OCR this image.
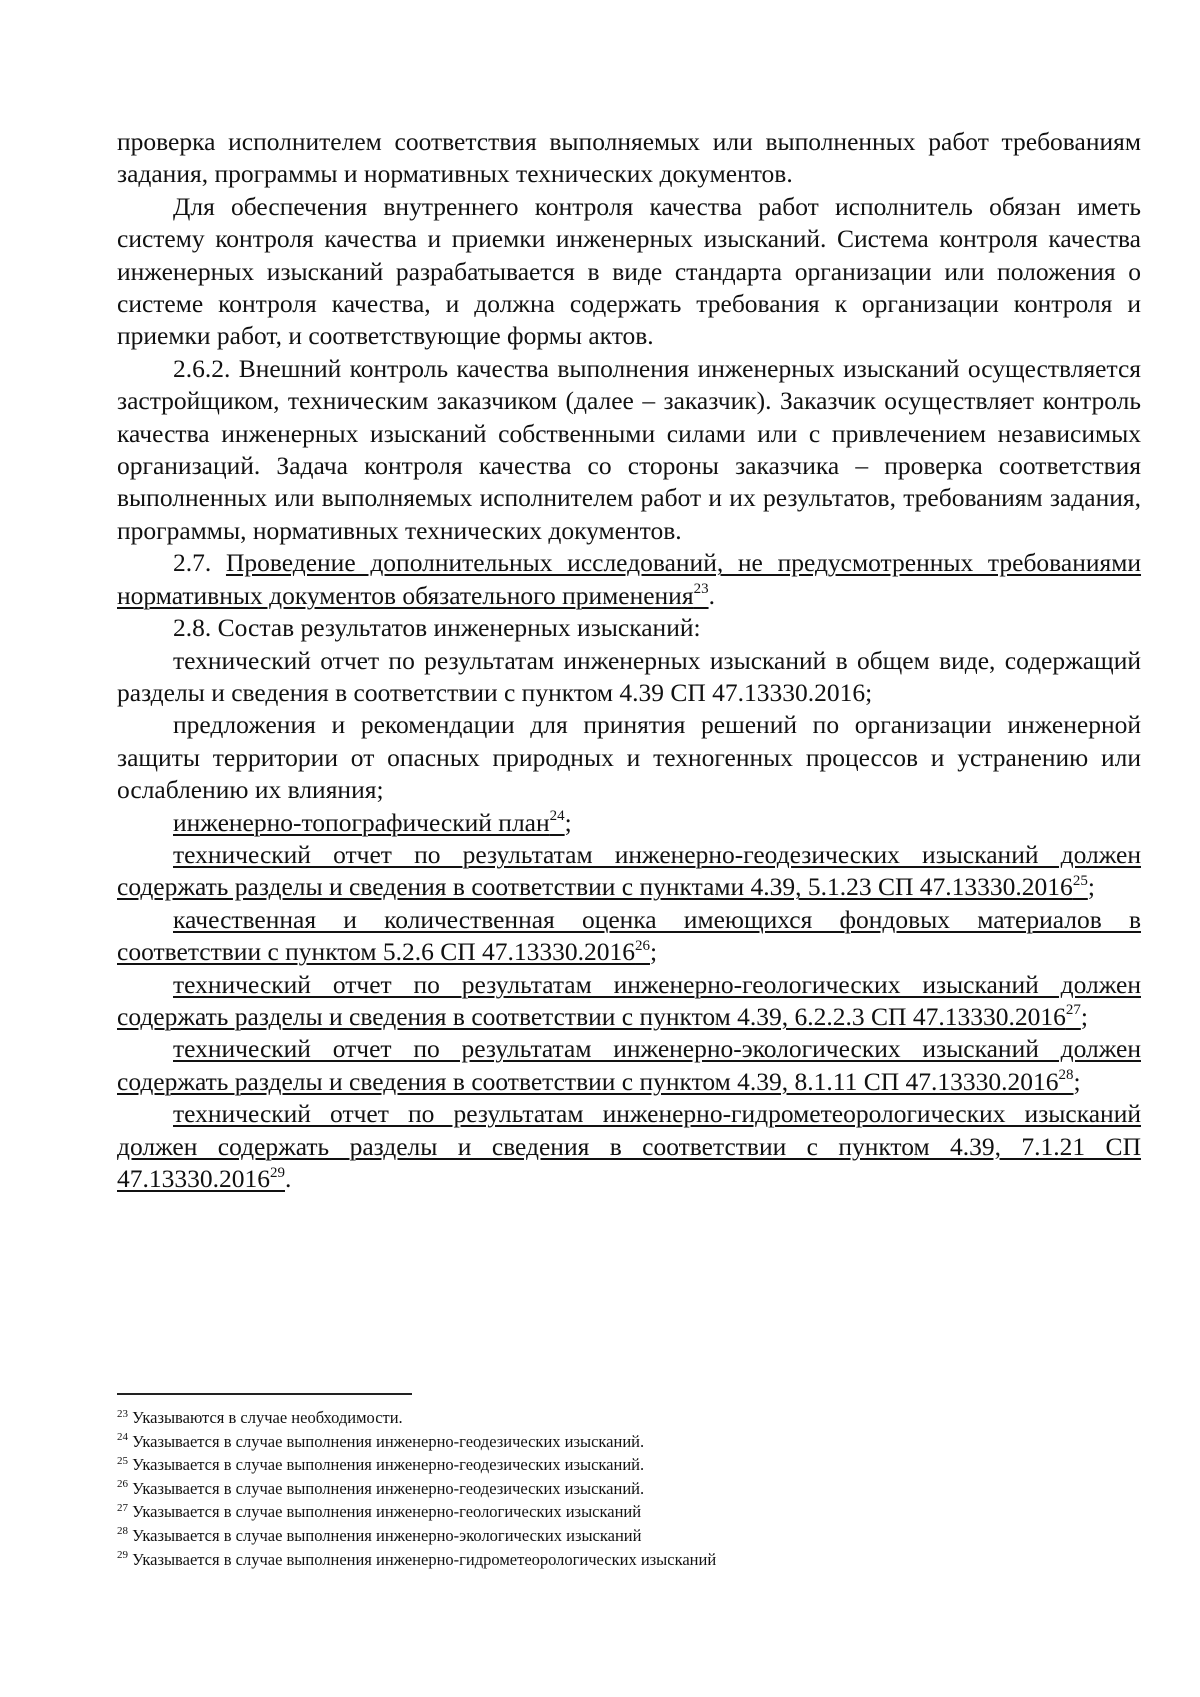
проверка исполнителем соответствия выполняемых или выполненных работ требованиям задания, программы и нормативных технических документов.

Для обеспечения внутреннего контроля качества работ исполнитель обязан иметь систему контроля качества и приемки инженерных изысканий. Система контроля качества инженерных изысканий разрабатывается в виде стандарта организации или положения о системе контроля качества, и должна содержать требования к организации контроля и приемки работ, и соответствующие формы актов.

2.6.2. Внешний контроль качества выполнения инженерных изысканий осуществляется застройщиком, техническим заказчиком (далее – заказчик). Заказчик осуществляет контроль качества инженерных изысканий собственными силами или с привлечением независимых организаций. Задача контроля качества со стороны заказчика – проверка соответствия выполненных или выполняемых исполнителем работ и их результатов, требованиям задания, программы, нормативных технических документов.

2.7. Проведение дополнительных исследований, не предусмотренных требованиями нормативных документов обязательного применения$^{23}$.

2.8. Состав результатов инженерных изысканий:

технический отчет по результатам инженерных изысканий в общем виде, содержащий разделы и сведения в соответствии с пунктом 4.39 СП 47.13330.2016;

предложения и рекомендации для принятия решений по организации инженерной защиты территории от опасных природных и техногенных процессов и устранению или ослаблению их влияния;

инженерно-топографический план$^{24}$;

технический отчет по результатам инженерно-геодезических изысканий должен содержать разделы и сведения в соответствии с пунктами 4.39, 5.1.23 СП 47.13330.2016$^{25}$;

качественная и количественная оценка имеющихся фондовых материалов в соответствии с пунктом 5.2.6 СП 47.13330.2016$^{26}$;

технический отчет по результатам инженерно-геологических изысканий должен содержать разделы и сведения в соответствии с пунктом 4.39, 6.2.2.3 СП 47.13330.2016$^{27}$;

технический отчет по результатам инженерно-экологических изысканий должен содержать разделы и сведения в соответствии с пунктом 4.39, 8.1.11 СП 47.13330.2016$^{28}$;

технический отчет по результатам инженерно-гидрометеорологических изысканий должен содержать разделы и сведения в соответствии с пунктом 4.39, 7.1.21 СП 47.13330.2016$^{29}$.

$^{23}$ Указываются в случае необходимости.

$^{24}$ Указывается в случае выполнения инженерно-геодезических изысканий.

$^{25}$ Указывается в случае выполнения инженерно-геодезических изысканий.

$^{26}$ Указывается в случае выполнения инженерно-геодезических изысканий.

$^{27}$ Указывается в случае выполнения инженерно-геологических изысканий

$^{28}$ Указывается в случае выполнения инженерно-экологических изысканий

$^{29}$ Указывается в случае выполнения инженерно-гидрометеорологических изысканий
